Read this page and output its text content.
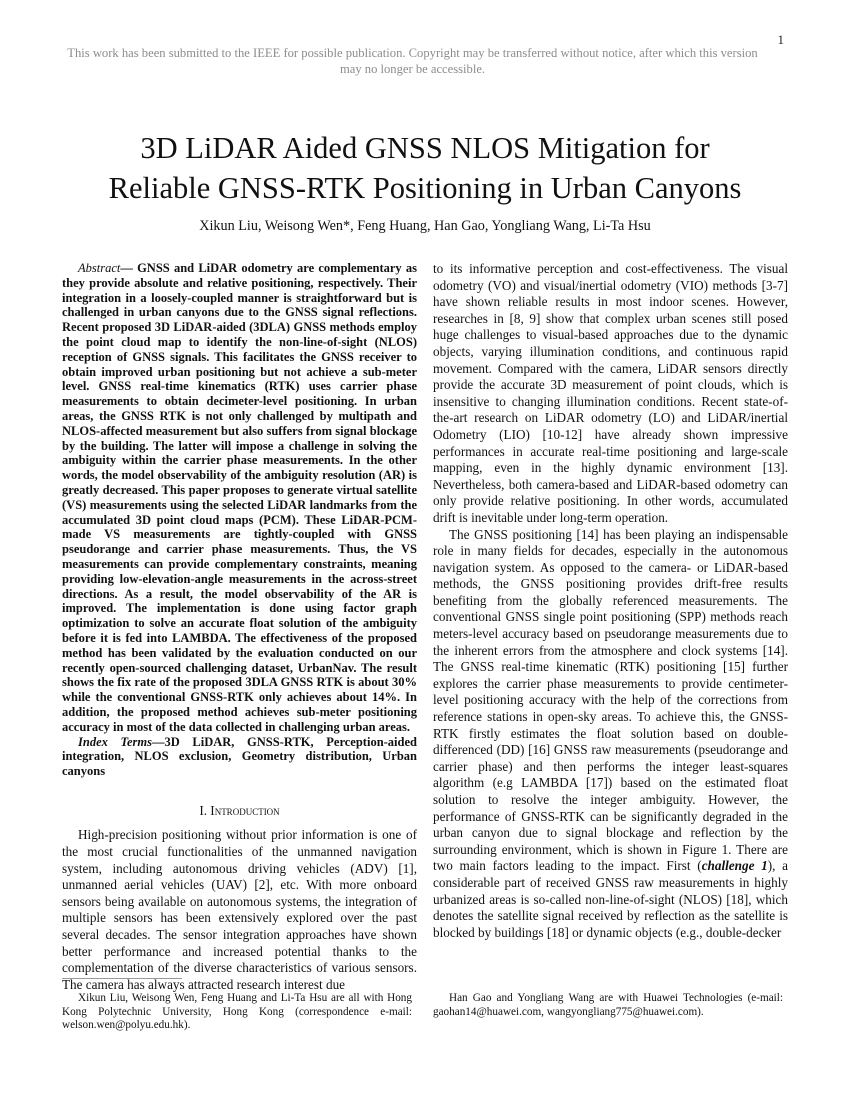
1
This work has been submitted to the IEEE for possible publication. Copyright may be transferred without notice, after which this version may no longer be accessible.
3D LiDAR Aided GNSS NLOS Mitigation for
Reliable GNSS-RTK Positioning in Urban Canyons
Xikun Liu, Weisong Wen*, Feng Huang, Han Gao, Yongliang Wang, Li-Ta Hsu

Abstract— GNSS and LiDAR odometry are complementary as they provide absolute and relative positioning, respectively. Their integration in a loosely-coupled manner is straightforward but is challenged in urban canyons due to the GNSS signal reflections. Recent proposed 3D LiDAR-aided (3DLA) GNSS methods employ the point cloud map to identify the non-line-of-sight (NLOS) reception of GNSS signals. This facilitates the GNSS receiver to obtain improved urban positioning but not achieve a sub-meter level. GNSS real-time kinematics (RTK) uses carrier phase measurements to obtain decimeter-level positioning. In urban areas, the GNSS RTK is not only challenged by multipath and NLOS-affected measurement but also suffers from signal blockage by the building. The latter will impose a challenge in solving the ambiguity within the carrier phase measurements. In the other words, the model observability of the ambiguity resolution (AR) is greatly decreased. This paper proposes to generate virtual satellite (VS) measurements using the selected LiDAR landmarks from the accumulated 3D point cloud maps (PCM). These LiDAR-PCM-made VS measurements are tightly-coupled with GNSS pseudorange and carrier phase measurements. Thus, the VS measurements can provide complementary constraints, meaning providing low-elevation-angle measurements in the across-street directions. As a result, the model observability of the AR is improved. The implementation is done using factor graph optimization to solve an accurate float solution of the ambiguity before it is fed into LAMBDA. The effectiveness of the proposed method has been validated by the evaluation conducted on our recently open-sourced challenging dataset, UrbanNav. The result shows the fix rate of the proposed 3DLA GNSS RTK is about 30% while the conventional GNSS-RTK only achieves about 14%. In addition, the proposed method achieves sub-meter positioning accuracy in most of the data collected in challenging urban areas.

Index Terms—3D LiDAR, GNSS-RTK, Perception-aided integration, NLOS exclusion, Geometry distribution, Urban canyons

I. Introduction

High-precision positioning without prior information is one of the most crucial functionalities of the unmanned navigation system, including autonomous driving vehicles (ADV) [1], unmanned aerial vehicles (UAV) [2], etc. With more onboard sensors being available on autonomous systems, the integration of multiple sensors has been extensively explored over the past several decades. The sensor integration approaches have shown better performance and increased potential thanks to the complementation of the diverse characteristics of various sensors. The camera has always attracted research interest due

to its informative perception and cost-effectiveness. The visual odometry (VO) and visual/inertial odometry (VIO) methods [3-7] have shown reliable results in most indoor scenes. However, researches in [8, 9] show that complex urban scenes still posed huge challenges to visual-based approaches due to the dynamic objects, varying illumination conditions, and continuous rapid movement. Compared with the camera, LiDAR sensors directly provide the accurate 3D measurement of point clouds, which is insensitive to changing illumination conditions. Recent state-of-the-art research on LiDAR odometry (LO) and LiDAR/inertial Odometry (LIO) [10-12] have already shown impressive performances in accurate real-time positioning and large-scale mapping, even in the highly dynamic environment [13]. Nevertheless, both camera-based and LiDAR-based odometry can only provide relative positioning. In other words, accumulated drift is inevitable under long-term operation.

The GNSS positioning [14] has been playing an indispensable role in many fields for decades, especially in the autonomous navigation system. As opposed to the camera- or LiDAR-based methods, the GNSS positioning provides drift-free results benefiting from the globally referenced measurements. The conventional GNSS single point positioning (SPP) methods reach meters-level accuracy based on pseudorange measurements due to the inherent errors from the atmosphere and clock systems [14]. The GNSS real-time kinematic (RTK) positioning [15] further explores the carrier phase measurements to provide centimeter-level positioning accuracy with the help of the corrections from reference stations in open-sky areas. To achieve this, the GNSS-RTK firstly estimates the float solution based on double-differenced (DD) [16] GNSS raw measurements (pseudorange and carrier phase) and then performs the integer least-squares algorithm (e.g LAMBDA [17]) based on the estimated float solution to resolve the integer ambiguity. However, the performance of GNSS-RTK can be significantly degraded in the urban canyon due to signal blockage and reflection by the surrounding environment, which is shown in Figure 1. There are two main factors leading to the impact. First (challenge 1), a considerable part of received GNSS raw measurements in highly urbanized areas is so-called non-line-of-sight (NLOS) [18], which denotes the satellite signal received by reflection as the satellite is blocked by buildings [18] or dynamic objects (e.g., double-decker

Xikun Liu, Weisong Wen, Feng Huang and Li-Ta Hsu are all with Hong Kong Polytechnic University, Hong Kong (correspondence e-mail: welson.wen@polyu.edu.hk).
Han Gao and Yongliang Wang are with Huawei Technologies (e-mail: gaohan14@huawei.com, wangyongliang775@huawei.com).
